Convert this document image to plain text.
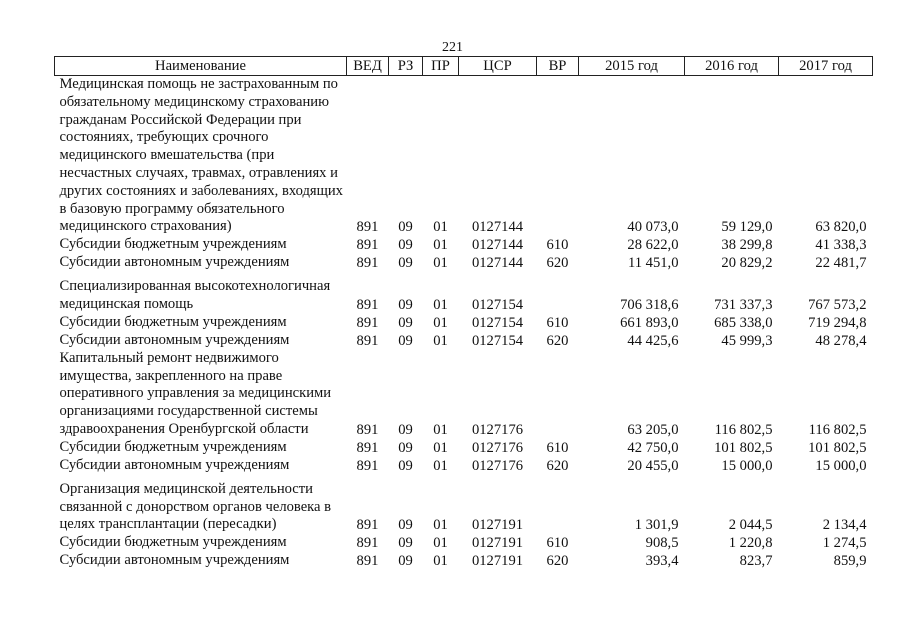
221
Наименование	ВЕД	РЗ	ПР	ЦСР	ВР	2015 год	2016 год	2017 год
Медицинская помощь не застрахованным по обязательному медицинскому страхованию гражданам Российской Федерации при состояниях, требующих срочного медицинского вмешательства (при несчастных случаях, травмах, отравлениях и других состояниях и заболеваниях, входящих в базовую программу обязательного медицинского страхования)	891	09	01	0127144		40 073,0	59 129,0	63 820,0
Субсидии бюджетным учреждениям	891	09	01	0127144	610	28 622,0	38 299,8	41 338,3
Субсидии автономным учреждениям	891	09	01	0127144	620	11 451,0	20 829,2	22 481,7
Специализированная высокотехнологичная медицинская помощь	891	09	01	0127154		706 318,6	731 337,3	767 573,2
Субсидии бюджетным учреждениям	891	09	01	0127154	610	661 893,0	685 338,0	719 294,8
Субсидии автономным учреждениям	891	09	01	0127154	620	44 425,6	45 999,3	48 278,4
Капитальный ремонт недвижимого имущества, закрепленного на праве оперативного управления за медицинскими организациями государственной системы здравоохранения Оренбургской области	891	09	01	0127176		63 205,0	116 802,5	116 802,5
Субсидии бюджетным учреждениям	891	09	01	0127176	610	42 750,0	101 802,5	101 802,5
Субсидии автономным учреждениям	891	09	01	0127176	620	20 455,0	15 000,0	15 000,0
Организация медицинской деятельности связанной с донорством органов человека в целях трансплантации (пересадки)	891	09	01	0127191		1 301,9	2 044,5	2 134,4
Субсидии бюджетным учреждениям	891	09	01	0127191	610	908,5	1 220,8	1 274,5
Субсидии автономным учреждениям	891	09	01	0127191	620	393,4	823,7	859,9
